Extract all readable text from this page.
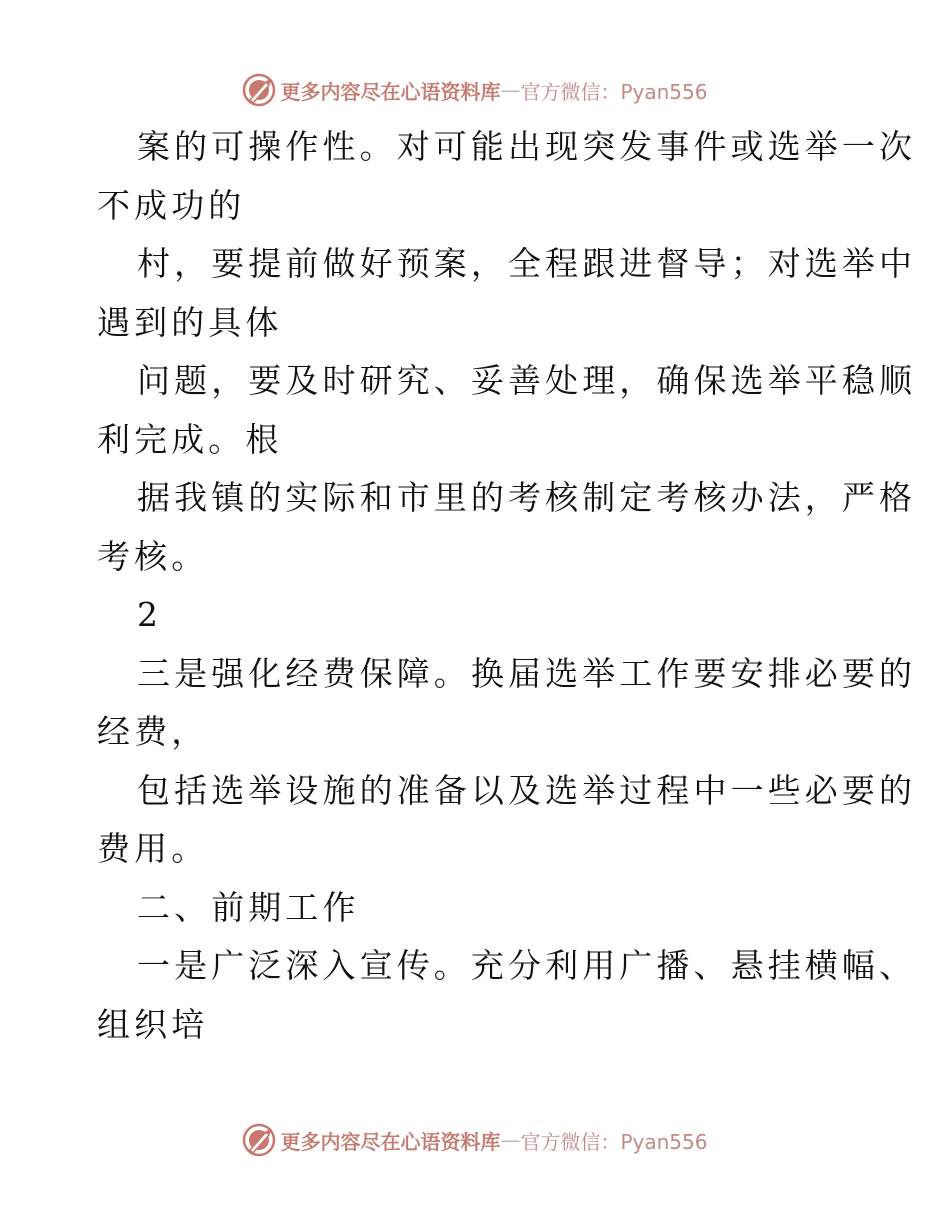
更多内容尽在心语资料库 — 官方微信：Pyan556
案的可操作性。对可能出现突发事件或选举一次
不成功的
村，要提前做好预案，全程跟进督导；对选举中
遇到的具体
问题，要及时研究、妥善处理，确保选举平稳顺
利完成。根
据我镇的实际和市里的考核制定考核办法，严格
考核。
2
三是强化经费保障。换届选举工作要安排必要的
经费，
包括选举设施的准备以及选举过程中一些必要的
费用。
二、前期工作
一是广泛深入宣传。充分利用广播、悬挂横幅、
组织培
更多内容尽在心语资料库 — 官方微信：Pyan556
